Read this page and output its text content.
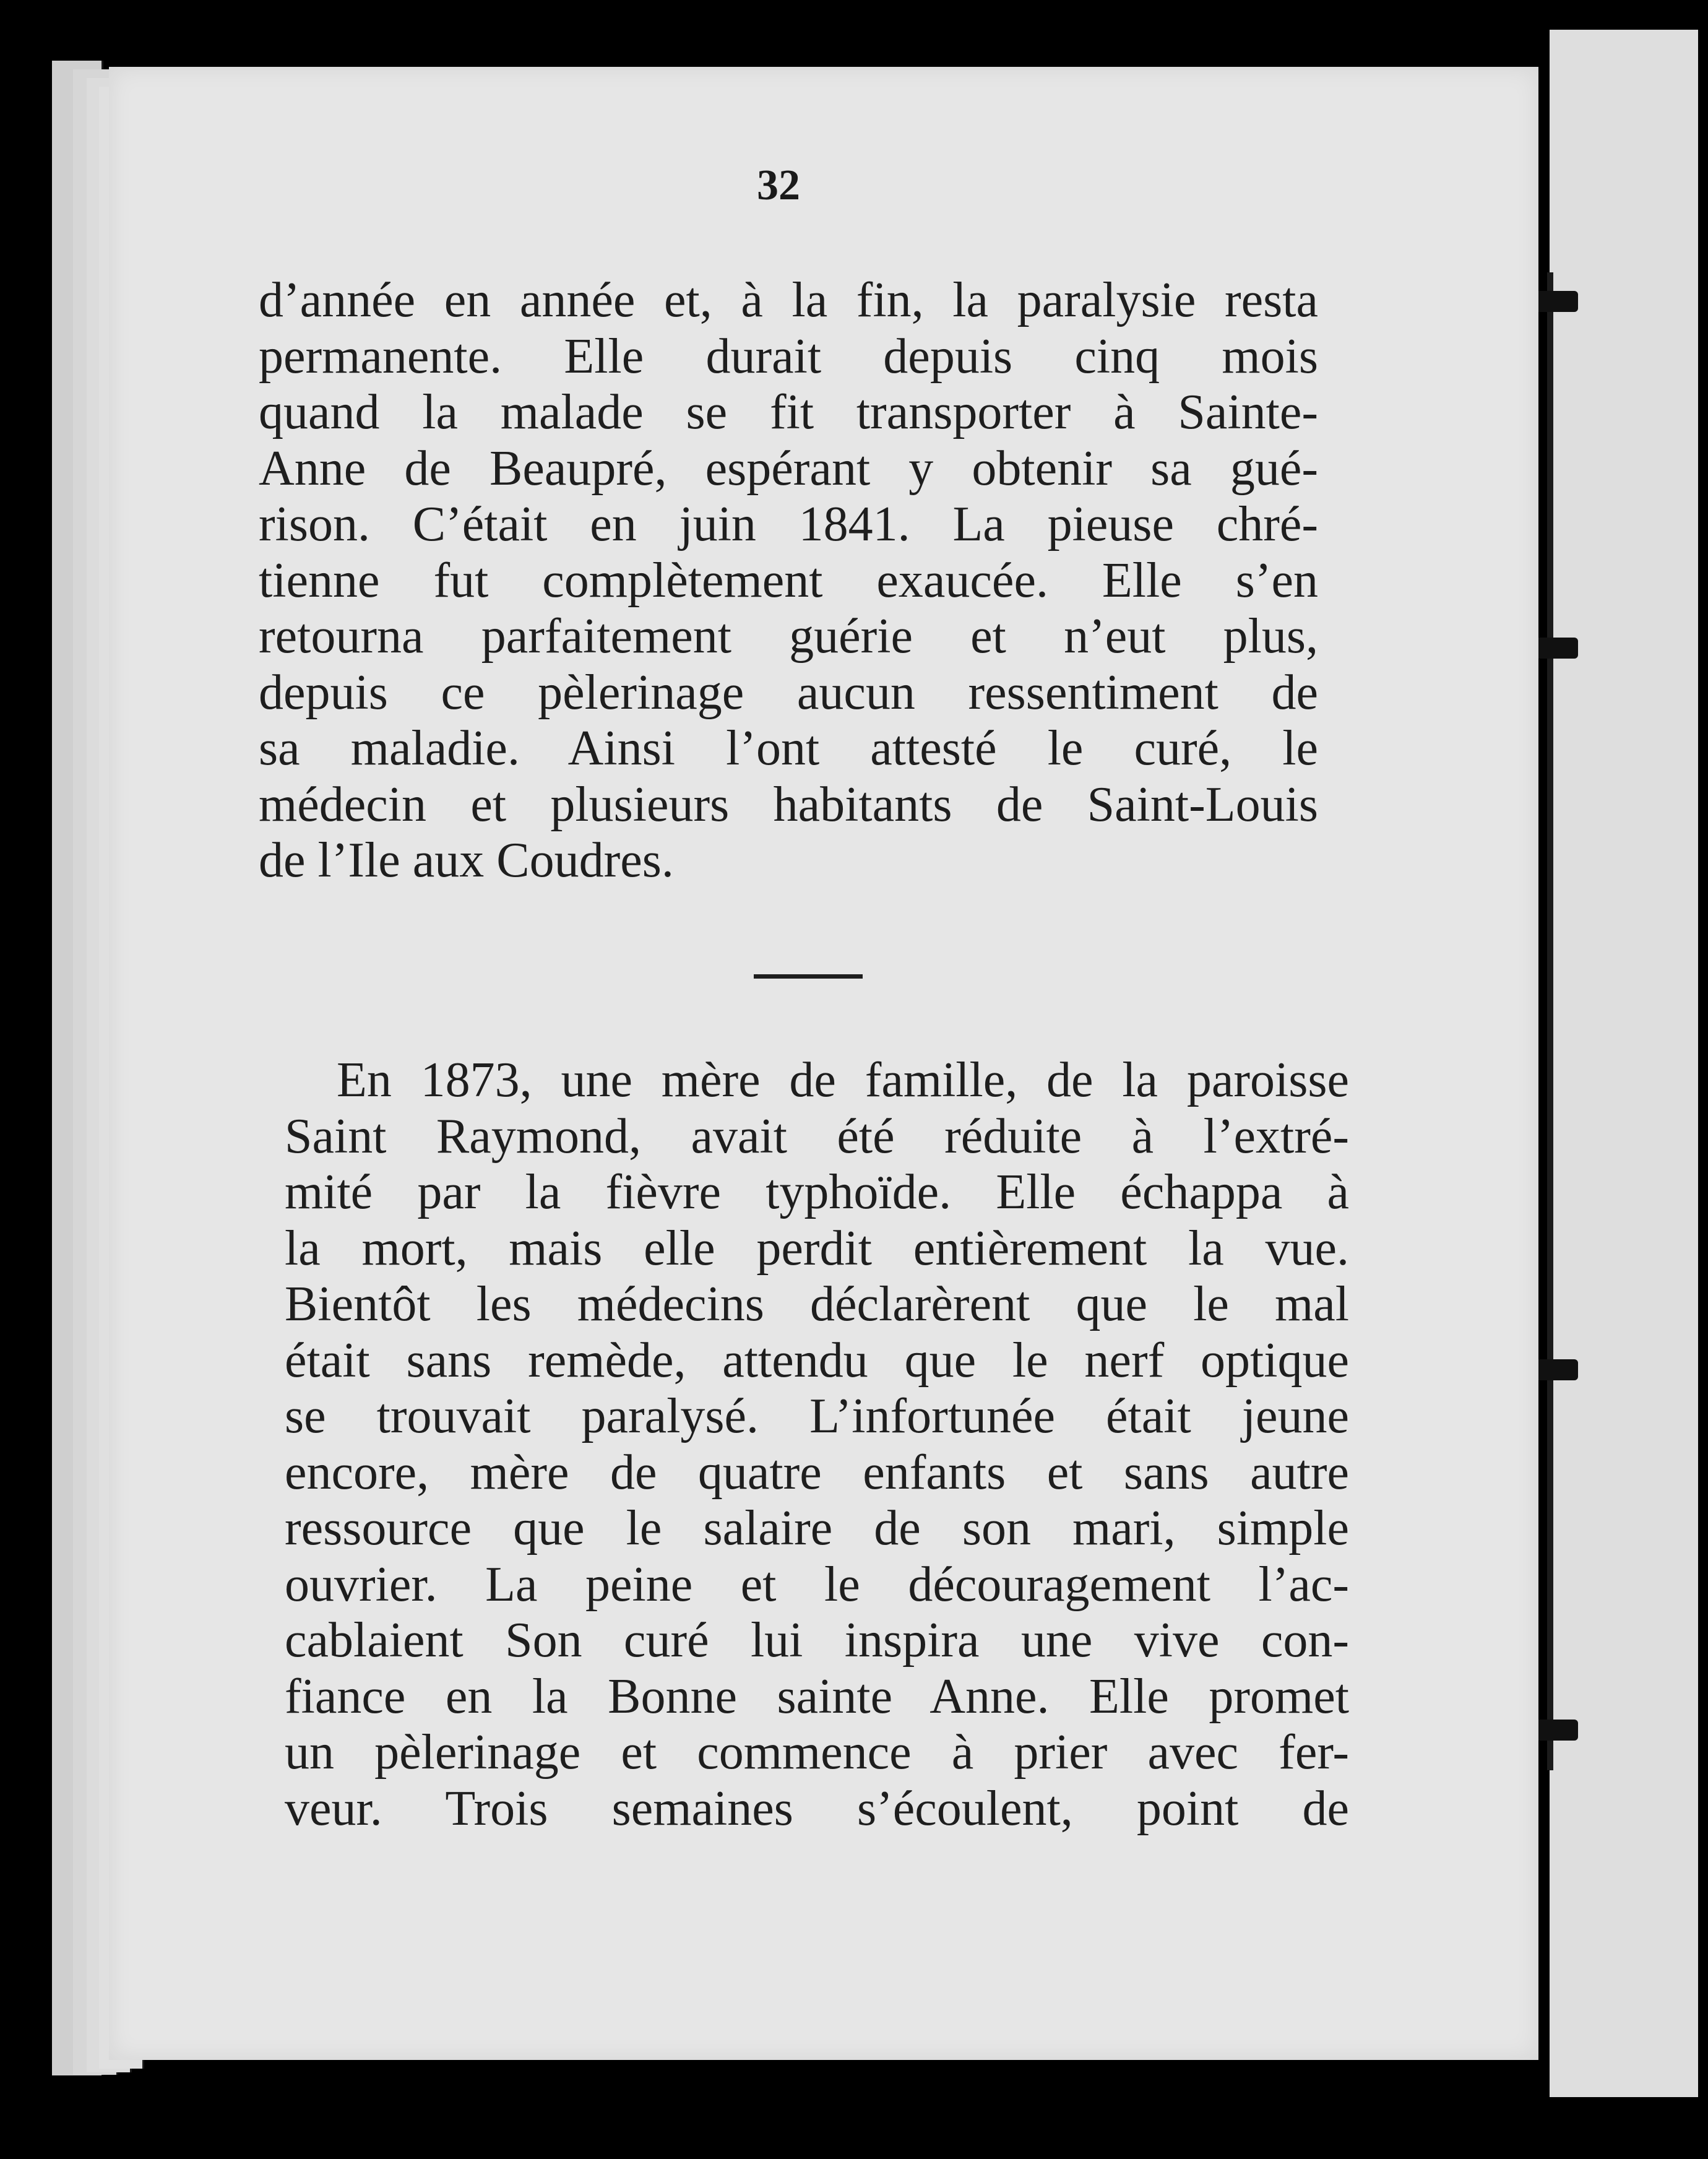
32
d’année en année et, à la fin, la paralysie resta
permanente. Elle durait depuis cinq mois
quand la malade se fit transporter à Sainte-
Anne de Beaupré, espérant y obtenir sa gué-
rison. C’était en juin 1841. La pieuse chré-
tienne fut complètement exaucée. Elle s’en
retourna parfaitement guérie et n’eut plus,
depuis ce pèlerinage aucun ressentiment de
sa maladie. Ainsi l’ont attesté le curé, le
médecin et plusieurs habitants de Saint-Louis
de l’Ile aux Coudres.
En 1873, une mère de famille, de la paroisse
Saint Raymond, avait été réduite à l’extré-
mité par la fièvre typhoïde. Elle échappa à
la mort, mais elle perdit entièrement la vue.
Bientôt les médecins déclarèrent que le mal
était sans remède, attendu que le nerf optique
se trouvait paralysé. L’infortunée était jeune
encore, mère de quatre enfants et sans autre
ressource que le salaire de son mari, simple
ouvrier. La peine et le découragement l’ac-
cablaient Son curé lui inspira une vive con-
fiance en la Bonne sainte Anne. Elle promet
un pèlerinage et commence à prier avec fer-
veur. Trois semaines s’écoulent, point de
